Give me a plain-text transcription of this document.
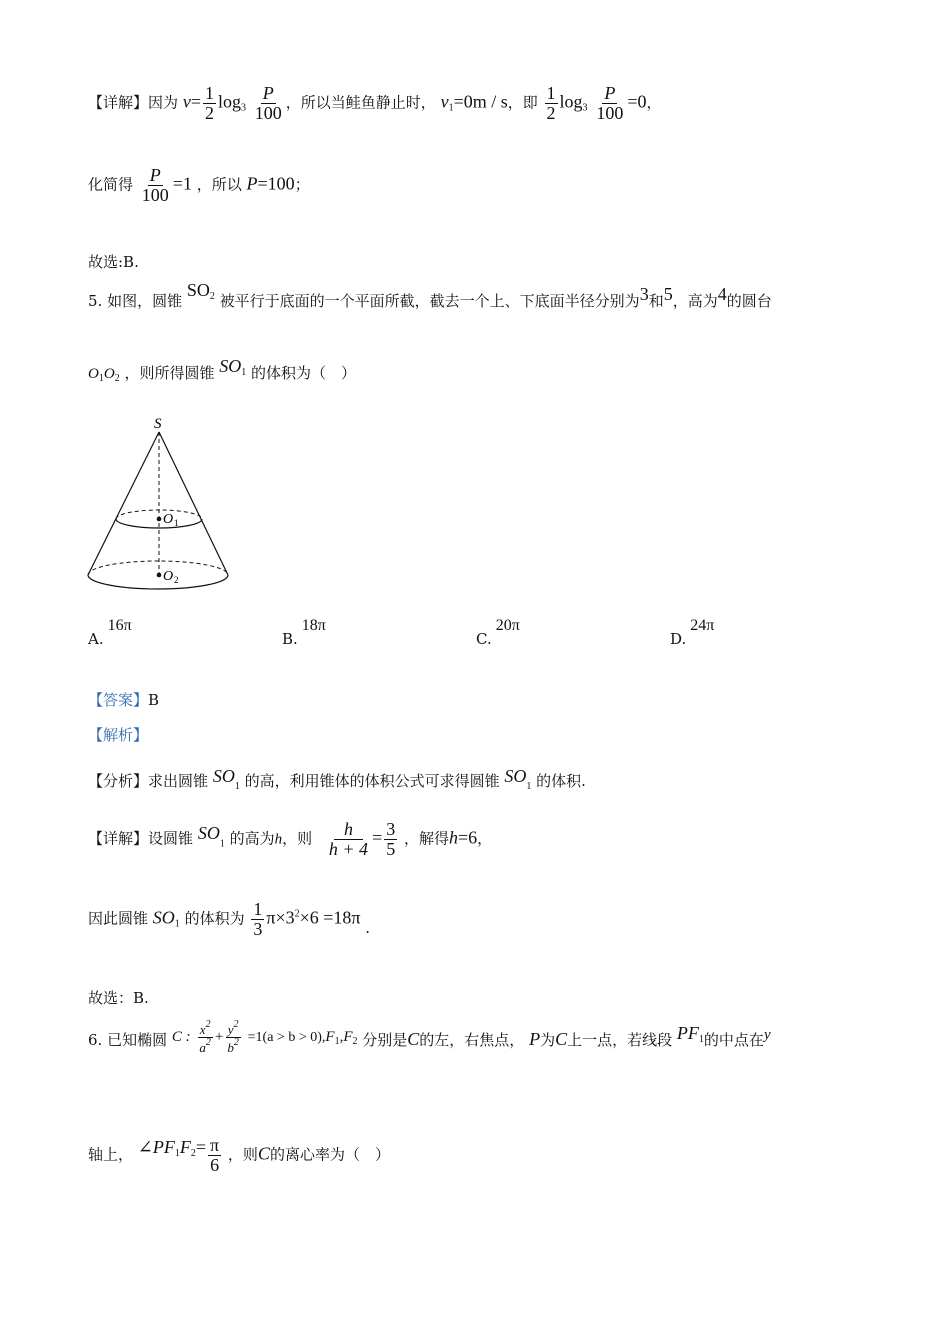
【详解】因为 $v= \frac{1}{2} \log_3 \frac{P}{100}$ ，所以当鲑鱼静止时， $v_1=0m / s$，即 $\frac{1}{2} \log_3 \frac{P}{100} =0$，
化简得 $\frac{P}{100} =1$ ，所以 P=100；
故选:B.
5. 如图，圆锥 $SO^2$ 被平行于底面的一个平面所截，截去一个上、下底面半径分别为3和5，高为4的圆台
$O_1O_2$ ，则所得圆锥 $SO^1$ 的体积为（　）
S
O 1
O 2
A.16π
B.18π
C.20π
D.24π
【答案】B
【解析】
【分析】求出圆锥 $SO_1$ 的高，利用锥体的体积公式可求得圆锥 $SO_1$ 的体积.
【详解】设圆锥 $SO_1$ 的高为h，则 $\frac{h}{h + 4} = \frac{3}{5}$ ，解得h=6，
因此圆锥 $SO_1$ 的体积为 $\frac{1}{3} \pi\times 3^2\times 6 =18\pi$ .
故选：B.
6. 已知椭圆 C : $\frac{x^2}{a^2} + \frac{y^2}{b^2} =1(a > b > 0),F_1,F_2$ 分别是C的左，右焦点， P为C上一点，若线段 $PF^1$的中点在y
轴上， $\angle PF^1F^2= \frac{\pi}{6}$ ，则C的离心率为（　）
